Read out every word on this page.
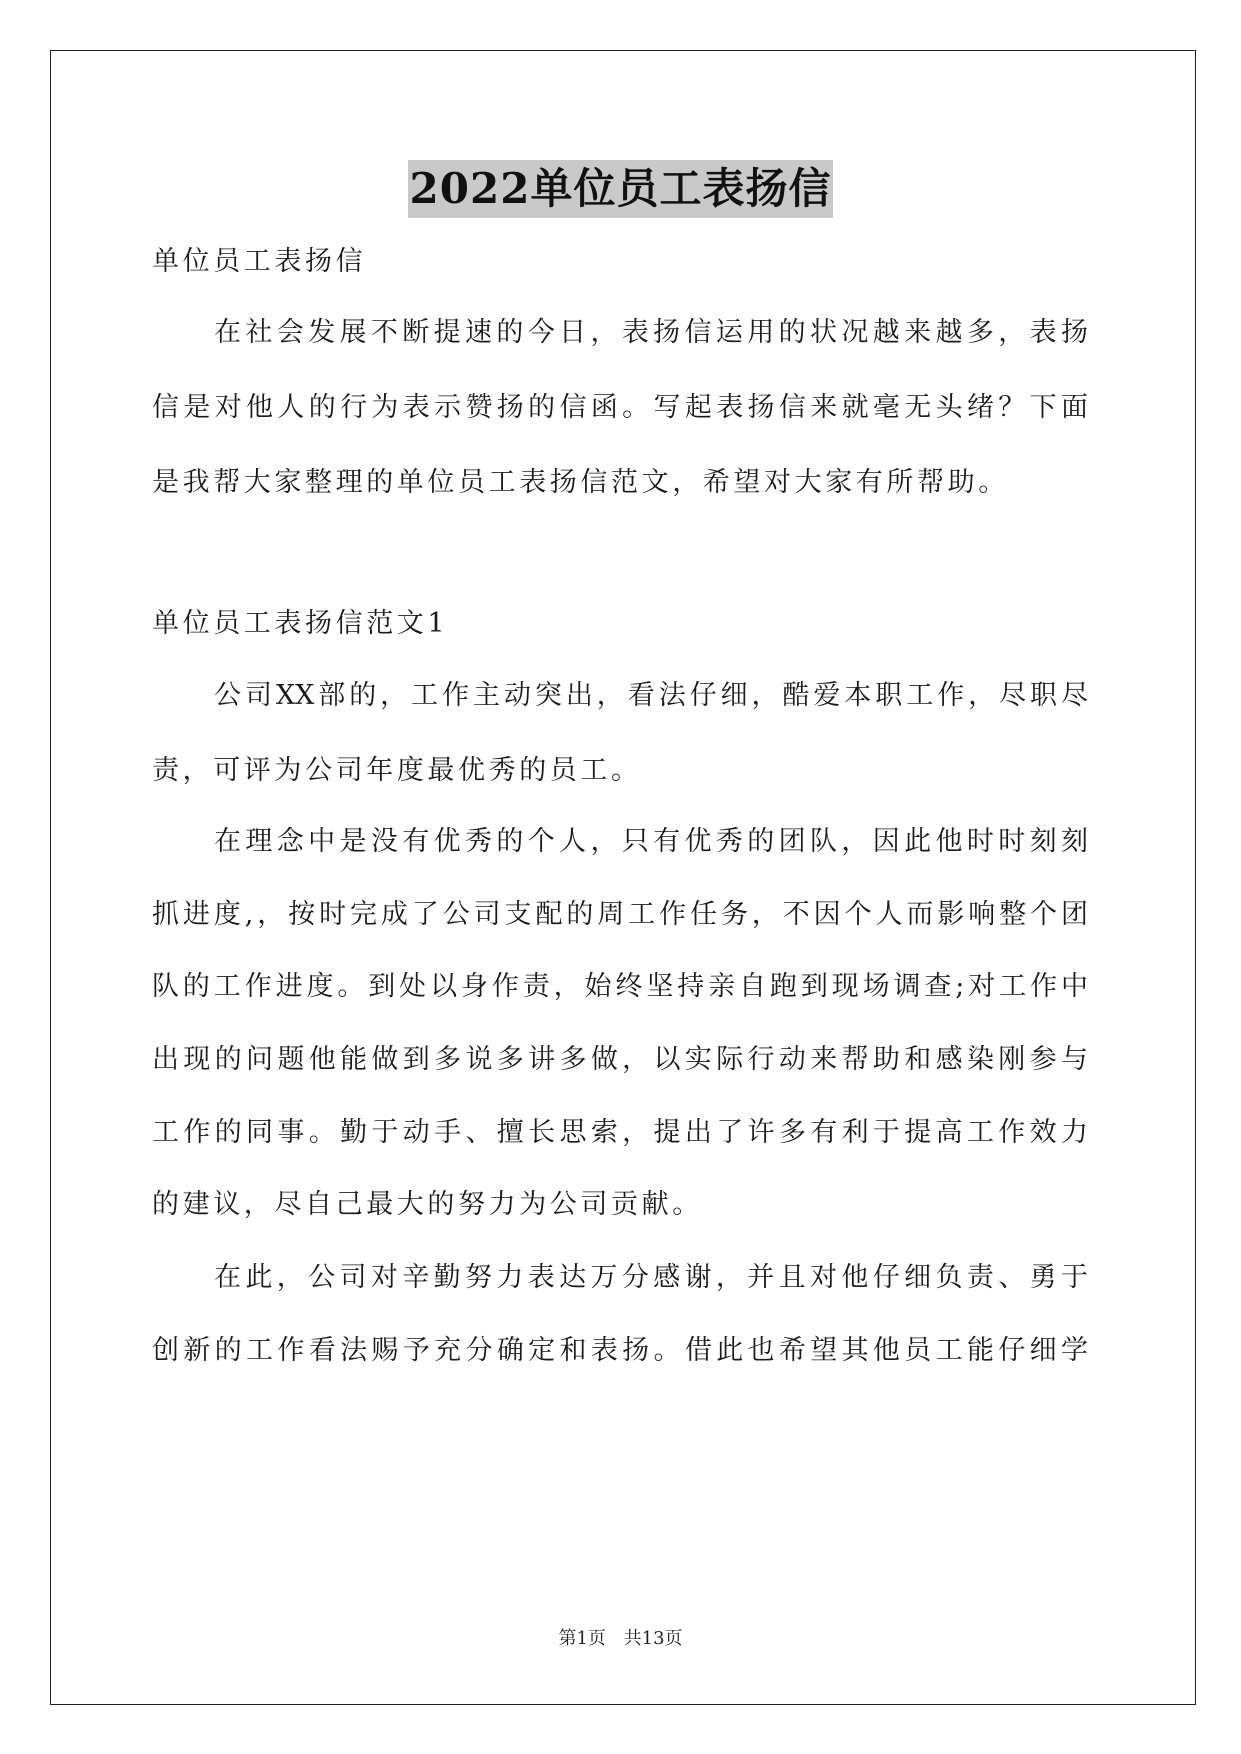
2022单位员工表扬信
单位员工表扬信
在社会发展不断提速的今日，表扬信运用的状况越来越多，表扬
信是对他人的行为表示赞扬的信函。写起表扬信来就毫无头绪？下面
是我帮大家整理的单位员工表扬信范文，希望对大家有所帮助。
单位员工表扬信范文1
公司XX部的，工作主动突出，看法仔细，酷爱本职工作，尽职尽
责，可评为公司年度最优秀的员工。
在理念中是没有优秀的个人，只有优秀的团队，因此他时时刻刻
抓进度,，按时完成了公司支配的周工作任务，不因个人而影响整个团
队的工作进度。到处以身作责，始终坚持亲自跑到现场调查;对工作中
出现的问题他能做到多说多讲多做，以实际行动来帮助和感染刚参与
工作的同事。勤于动手、擅长思索，提出了许多有利于提高工作效力
的建议，尽自己最大的努力为公司贡献。
在此，公司对辛勤努力表达万分感谢，并且对他仔细负责、勇于
创新的工作看法赐予充分确定和表扬。借此也希望其他员工能仔细学
第1页 共13页
